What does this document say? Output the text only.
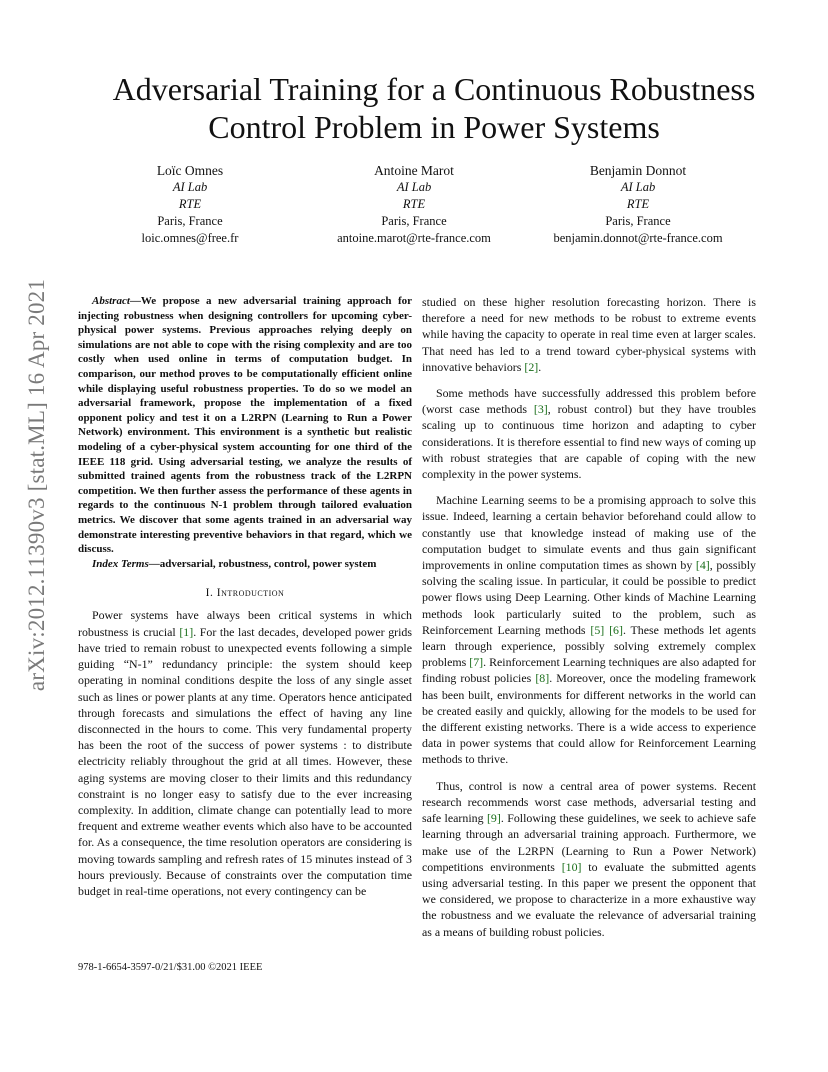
arXiv:2012.11390v3 [stat.ML] 16 Apr 2021
Adversarial Training for a Continuous Robustness Control Problem in Power Systems
Loïc Omnes
AI Lab
RTE
Paris, France
loic.omnes@free.fr
Antoine Marot
AI Lab
RTE
Paris, France
antoine.marot@rte-france.com
Benjamin Donnot
AI Lab
RTE
Paris, France
benjamin.donnot@rte-france.com

Abstract—We propose a new adversarial training approach for injecting robustness when designing controllers for upcoming cyber-physical power systems. Previous approaches relying deeply on simulations are not able to cope with the rising complexity and are too costly when used online in terms of computation budget. In comparison, our method proves to be computationally efficient online while displaying useful robustness properties. To do so we model an adversarial framework, propose the implementation of a fixed opponent policy and test it on a L2RPN (Learning to Run a Power Network) environment. This environment is a synthetic but realistic modeling of a cyber-physical system accounting for one third of the IEEE 118 grid. Using adversarial testing, we analyze the results of submitted trained agents from the robustness track of the L2RPN competition. We then further assess the performance of these agents in regards to the continuous N-1 problem through tailored evaluation metrics. We discover that some agents trained in an adversarial way demonstrate interesting preventive behaviors in that regard, which we discuss.

Index Terms—adversarial, robustness, control, power system

I. Introduction

Power systems have always been critical systems in which robustness is crucial [1]. For the last decades, developed power grids have tried to remain robust to unexpected events following a simple guiding “N-1” redundancy principle: the system should keep operating in nominal conditions despite the loss of any single asset such as lines or power plants at any time. Operators hence anticipated through forecasts and simulations the effect of having any line disconnected in the hours to come. This very fundamental property has been the root of the success of power systems : to distribute electricity reliably throughout the grid at all times. However, these aging systems are moving closer to their limits and this redundancy constraint is no longer easy to satisfy due to the ever increasing complexity. In addition, climate change can potentially lead to more frequent and extreme weather events which also have to be accounted for. As a consequence, the time resolution operators are considering is moving towards sampling and refresh rates of 15 minutes instead of 3 hours previously. Because of constraints over the computation time budget in real-time operations, not every contingency can be

studied on these higher resolution forecasting horizon. There is therefore a need for new methods to be robust to extreme events while having the capacity to operate in real time even at larger scales. That need has led to a trend toward cyber-physical systems with innovative behaviors [2].

Some methods have successfully addressed this problem before (worst case methods [3], robust control) but they have troubles scaling up to continuous time horizon and adapting to cyber considerations. It is therefore essential to find new ways of coming up with robust strategies that are capable of coping with the new complexity in the power systems.

Machine Learning seems to be a promising approach to solve this issue. Indeed, learning a certain behavior beforehand could allow to constantly use that knowledge instead of making use of the computation budget to simulate events and thus gain significant improvements in online computation times as shown by [4], possibly solving the scaling issue. In particular, it could be possible to predict power flows using Deep Learning. Other kinds of Machine Learning methods look particularly suited to the problem, such as Reinforcement Learning methods [5] [6]. These methods let agents learn through experience, possibly solving extremely complex problems [7]. Reinforcement Learning techniques are also adapted for finding robust policies [8]. Moreover, once the modeling framework has been built, environments for different networks in the world can be created easily and quickly, allowing for the models to be used for the different existing networks. There is a wide access to experience data in power systems that could allow for Reinforcement Learning methods to thrive.

Thus, control is now a central area of power systems. Recent research recommends worst case methods, adversarial testing and safe learning [9]. Following these guidelines, we seek to achieve safe learning through an adversarial training approach. Furthermore, we make use of the L2RPN (Learning to Run a Power Network) competitions environments [10] to evaluate the submitted agents using adversarial testing. In this paper we present the opponent that we considered, we propose to characterize in a more exhaustive way the robustness and we evaluate the relevance of adversarial training as a means of building robust policies.

978-1-6654-3597-0/21/$31.00 ©2021 IEEE
